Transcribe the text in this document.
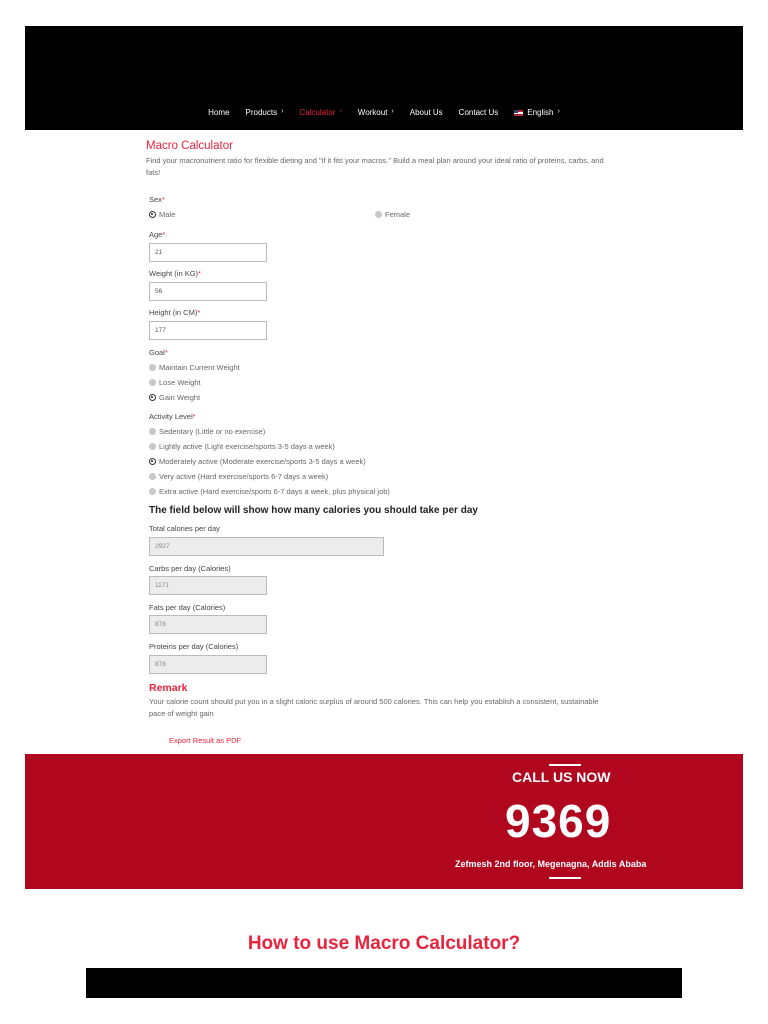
Home Products › Calculator › Workout › About Us Contact Us	English ›
Macro Calculator

Find your macronutrient ratio for flexible dieting and "if it fits your macros." Build a meal plan around your ideal ratio of proteins, carbs, and fats!

Sex*
Male	Female
Age*
21
Weight (in KG)*
56
Height (in CM)*
177
Goal*
Maintain Current Weight
Lose Weight
Gain Weight
Activity Level*
Sedentary (Little or no exercise)
Lightly active (Light exercise/sports 3-5 days a week)
Moderately active (Moderate exercise/sports 3-5 days a week)
Very active (Hard exercise/sports 6-7 days a week)
Extra active (Hard exercise/sports 6-7 days a week, plus physical job)
The field below will show how many calories you should take per day
Total calories per day
2927
Carbs per day (Calories)
1171
Fats per day (Calories)
878
Proteins per day (Calories)
878
Remark

Your calorie count should put you in a slight caloric surplus of around 500 calories. This can help you establish a consistent, sustainable pace of weight gain

Export Result as PDF
CALL US NOW
9369
Zefmesh 2nd floor, Megenagna, Addis Ababa
How to use Macro Calculator?
